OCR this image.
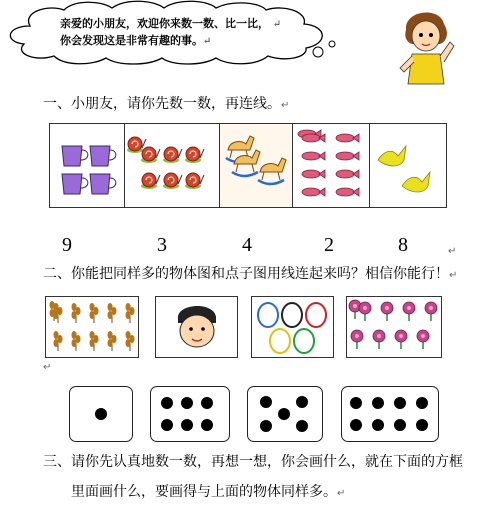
亲爱的小朋友，欢迎你来数一数、比一比， ↵
你会发现这是非常有趣的事。↵
一、小朋友，请你先数一数，再连线。↵
9	3	4	2	8	↵
二、你能把同样多的物体图和点子图用线连起来吗？相信你能行！↵
↵
三、请你先认真地数一数，再想一想，你会画什么，就在下面的方框
里面画什么，要画得与上面的物体同样多。↵
